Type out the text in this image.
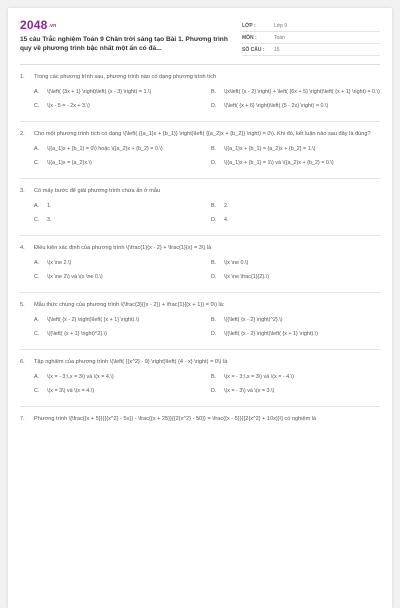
2048.vn
15 câu Trắc nghiệm Toán 9 Chân trời sáng tạo Bài 1. Phương trình quy về phương trình bậc nhất một ẩn có đá...
LỚP :	Lớp 9
MÔN :	Toán
SỐ CÂU :	15
1.	Trong các phương trình sau, phương trình nào có dạng phương trình tích
A.	\(\left( {3x + 1} \right)\left( {x - 3} \right) = 1.\)	B.	\(x\left( {x - 2} \right) + \left( {6x + 5} \right)\left( {x + 1} \right) = 0.\)
C.	\(x - 5 = - 2x + 3.\)	D.	\(\left( {x + 6} \right)\left( {5 - 2x} \right) = 0.\)
2.	Cho một phương trình tích có dạng \(\left( {{a_1}x + {b_1}} \right)\left( {{a_2}x + {b_2}} \right) = 0\). Khi đó, kết luận nào sau đây là đúng?
A.	\({a_1}x + {b_1} = 0\) hoặc \({a_2}x + {b_2} = 0.\)	B.	\({a_1}x + {b_1} = {a_2}x + {b_2} = 1.\)
C.	\({a_1}x = {a_2}x.\)	D.	\({a_1}x + {b_1} = 1\) và \({a_2}x + {b_2} = 0.\)
3.	Có mấy bước để giải phương trình chứa ẩn ở mẫu
A.	1.	B.	2.
C.	3.	D.	4.
4.	Điều kiện xác định của phương trình \(\frac{1}{x - 2} + \frac{1}{x} = 3\) là
A.	\(x \ne 2.\)	B.	\(x \ne 0.\)
C.	\(x \ne 2\) và \(x \ne 0.\)	D.	\(x \ne \frac{1}{2}.\)
5.	Mẫu thức chung của phương trình \(\frac{3}{{x - 2}} + \frac{1}{{x + 1}} = 0\) là:
A.	\(\left( {x - 2} \right)\left( {x + 1} \right).\)	B.	\({\left( {x - 2} \right)^2}.\)
C.	\({\left( {x + 1} \right)^2}.\)	D.	\({\left( {x - 2} \right)\left( {x + 1} \right).\)
6.	Tập nghiệm của phương trình \(\left( {{x^2} - 9} \right)\left( {4 - x} \right) = 0\) là
A.	\(x = - 3;\,x = 3\) và \(x = 4.\)	B.	\(x = - 3;\,x = 3\) và \(x = - 4.\)
C.	\(x = 3\) và \(x = 4.\)	D.	\(x = - 3\) và \(x = 3.\)
7.	Phương trình \[\frac{{x + 5}}{{{x^2} - 5x}} - \frac{{x + 25}}{{2{x^2} - 50}} = \frac{{x - 5}}{{2{x^2} + 10x}}\] có nghiệm là
